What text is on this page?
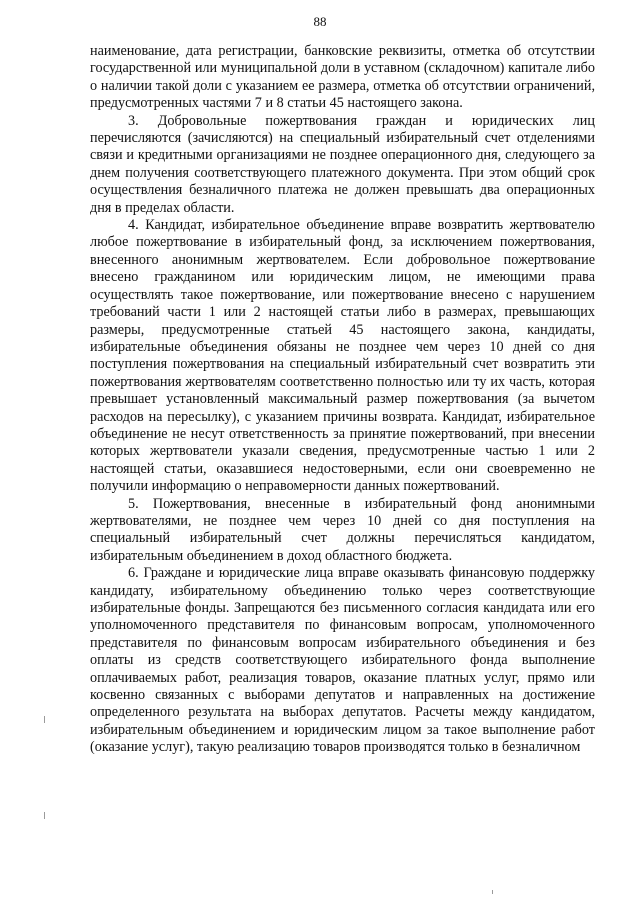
88

наименование, дата регистрации, банковские реквизиты, отметка об отсутствии государственной или муниципальной доли в уставном (складочном) капитале либо о наличии такой доли с указанием ее размера, отметка об отсутствии ограничений, предусмотренных частями 7 и 8 статьи 45 настоящего закона.

3. Добровольные пожертвования граждан и юридических лиц перечисляются (зачисляются) на специальный избирательный счет отделениями связи и кредитными организациями не позднее операционного дня, следующего за днем получения соответствующего платежного документа. При этом общий срок осуществления безналичного платежа не должен превышать два операционных дня в пределах области.

4. Кандидат, избирательное объединение вправе возвратить жертвователю любое пожертвование в избирательный фонд, за исключением пожертвования, внесенного анонимным жертвователем. Если добровольное пожертвование внесено гражданином или юридическим лицом, не имеющими права осуществлять такое пожертвование, или пожертвование внесено с нарушением требований части 1 или 2 настоящей статьи либо в размерах, превышающих размеры, предусмотренные статьей 45 настоящего закона, кандидаты, избирательные объединения обязаны не позднее чем через 10 дней со дня поступления пожертвования на специальный избирательный счет возвратить эти пожертвования жертвователям соответственно полностью или ту их часть, которая превышает установленный максимальный размер пожертвования (за вычетом расходов на пересылку), с указанием причины возврата. Кандидат, избирательное объединение не несут ответственность за принятие пожертвований, при внесении которых жертвователи указали сведения, предусмотренные частью 1 или 2 настоящей статьи, оказавшиеся недостоверными, если они своевременно не получили информацию о неправомерности данных пожертвований.

5. Пожертвования, внесенные в избирательный фонд анонимными жертвователями, не позднее чем через 10 дней со дня поступления на специальный избирательный счет должны перечисляться кандидатом, избирательным объединением в доход областного бюджета.

6. Граждане и юридические лица вправе оказывать финансовую поддержку кандидату, избирательному объединению только через соответствующие избирательные фонды. Запрещаются без письменного согласия кандидата или его уполномоченного представителя по финансовым вопросам, уполномоченного представителя по финансовым вопросам избирательного объединения и без оплаты из средств соответствующего избирательного фонда выполнение оплачиваемых работ, реализация товаров, оказание платных услуг, прямо или косвенно связанных с выборами депутатов и направленных на достижение определенного результата на выборах депутатов. Расчеты между кандидатом, избирательным объединением и юридическим лицом за такое выполнение работ (оказание услуг), такую реализацию товаров производятся только в безналичном
